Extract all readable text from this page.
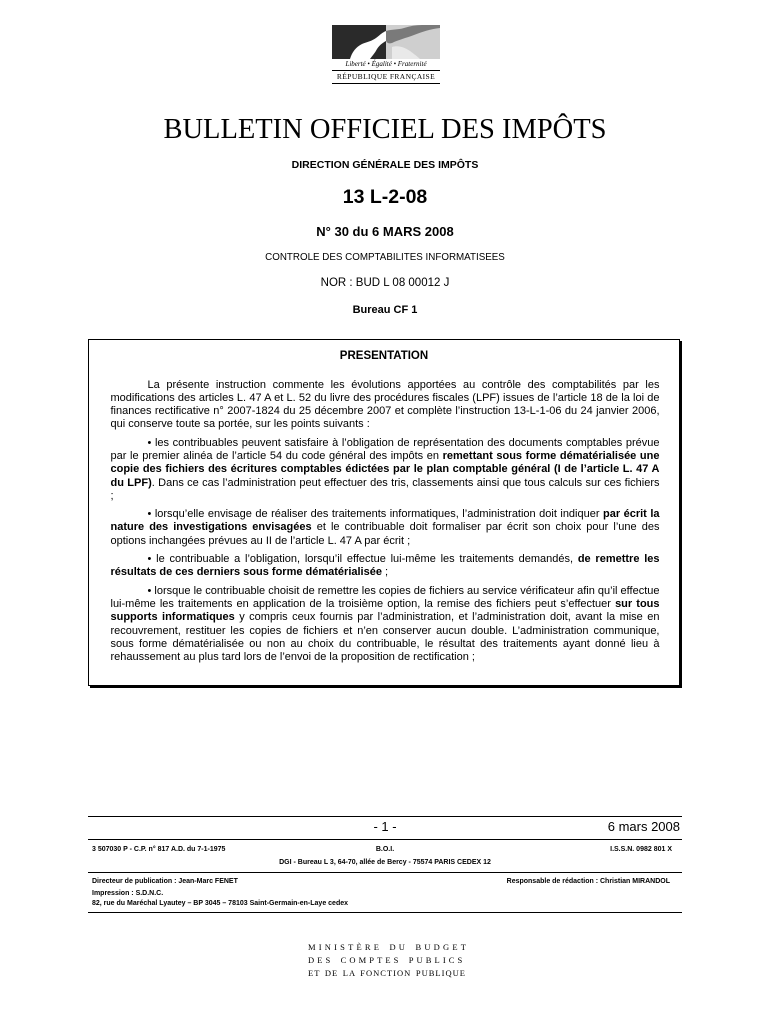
Liberté • Égalité • Fraternité
RÉPUBLIQUE FRANÇAISE
BULLETIN OFFICIEL DES IMPÔTS
DIRECTION GÉNÉRALE DES IMPÔTS
13 L-2-08
N° 30 du 6 MARS 2008
CONTROLE DES COMPTABILITES INFORMATISEES
NOR : BUD L 08 00012 J
Bureau CF 1
PRESENTATION

La présente instruction commente les évolutions apportées au contrôle des comptabilités par les modifications des articles L. 47 A et L. 52 du livre des procédures fiscales (LPF) issues de l’article 18 de la loi de finances rectificative n° 2007-1824 du 25 décembre 2007 et complète l’instruction 13-L-1-06 du 24 janvier 2006, qui conserve toute sa portée, sur les points suivants :

• les contribuables peuvent satisfaire à l’obligation de représentation des documents comptables prévue par le premier alinéa de l’article 54 du code général des impôts en remettant sous forme dématérialisée une copie des fichiers des écritures comptables édictées par le plan comptable général (I de l’article L. 47 A du LPF). Dans ce cas l’administration peut effectuer des tris, classements ainsi que tous calculs sur ces fichiers ;

• lorsqu’elle envisage de réaliser des traitements informatiques, l’administration doit indiquer par écrit la nature des investigations envisagées et le contribuable doit formaliser par écrit son choix pour l’une des options inchangées prévues au II de l’article L. 47 A par écrit ;

• le contribuable a l’obligation, lorsqu’il effectue lui-même les traitements demandés, de remettre les résultats de ces derniers sous forme dématérialisée ;

• lorsque le contribuable choisit de remettre les copies de fichiers au service vérificateur afin qu’il effectue lui-même les traitements en application de la troisième option, la remise des fichiers peut s’effectuer sur tous supports informatiques y compris ceux fournis par l’administration, et l’administration doit, avant la mise en recouvrement, restituer les copies de fichiers et n’en conserver aucun double. L’administration communique, sous forme dématérialisée ou non au choix du contribuable, le résultat des traitements ayant donné lieu à rehaussement au plus tard lors de l’envoi de la proposition de rectification ;

- 1 -	6 mars 2008
3 507030 P - C.P. n° 817 A.D. du 7-1-1975	B.O.I.	I.S.S.N. 0982 801 X
DGI - Bureau L 3, 64-70, allée de Bercy - 75574 PARIS CEDEX 12
Directeur de publication : Jean-Marc FENET	Responsable de rédaction : Christian MIRANDOL
Impression : S.D.N.C.
82, rue du Maréchal Lyautey – BP 3045 – 78103 Saint-Germain-en-Laye cedex
MINISTÈRE DU BUDGET
DES COMPTES PUBLICS
ET DE LA FONCTION PUBLIQUE
